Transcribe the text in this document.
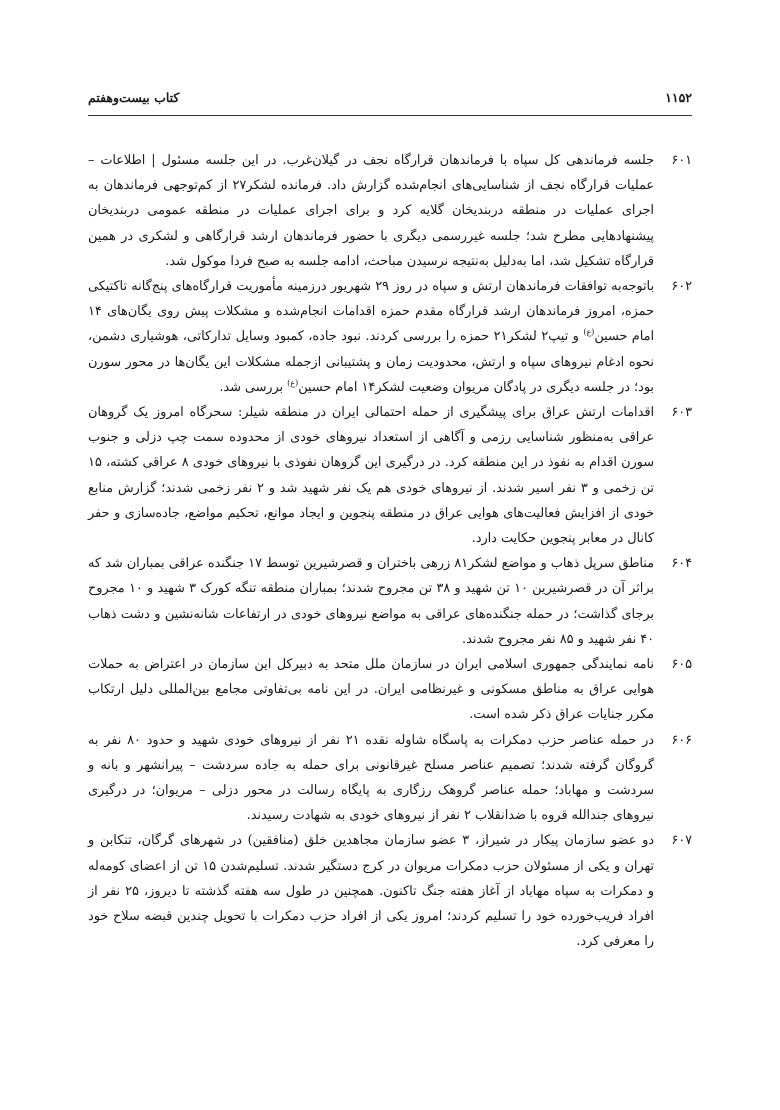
۱۱۵۲
کتاب بیست‌وهفتم
۶۰۱
جلسه فرماندهی کل سپاه با فرماندهان قرارگاه نجف در گیلان‌غرب. در این جلسه مسئول | اطلاعات – عملیات قرارگاه نجف از شناسایی‌های انجام‌شده گزارش داد. فرمانده لشکر۲۷ از کم‌توجهی فرماندهان به اجرای عملیات در منطقه دربندیخان گلایه کرد و برای اجرای عملیات در منطقه عمومی دربندیخان پیشنهادهایی مطرح شد؛ جلسه غیررسمی دیگری با حضور فرماندهان ارشد قرارگاهی و لشکری در همین قرارگاه تشکیل شد، اما به‌دلیل به‌نتیجه نرسیدن مباحث، ادامه جلسه به صبح فردا موکول شد.
۶۰۲
باتوجه‌به توافقات فرماندهان ارتش و سپاه در روز ۲۹ شهریور درزمینه مأموریت قرارگاه‌های پنج‌گانه تاکتیکی حمزه، امروز فرماندهان ارشد قرارگاه مقدم حمزه اقدامات انجام‌شده و مشکلات پیش روی یگان‌های ۱۴ امام حسین$^{(ع)}$ و تیپ۲ لشکر۲۱ حمزه را بررسی کردند. نبود جاده، کمبود وسایل تدارکاتی، هوشیاری دشمن، نحوه ادغام نیروهای سپاه و ارتش، محدودیت زمان و پشتیبانی ازجمله مشکلات این یگان‌ها در محور سورن بود؛ در جلسه دیگری در پادگان مریوان وضعیت لشکر۱۴ امام حسین$^{(ع)}$ بررسی شد.
۶۰۳
اقدامات ارتش عراق برای پیشگیری از حمله احتمالی ایران در منطقه شیلر: سحرگاه امروز یک گروهان عراقی به‌منظور شناسایی رزمی و آگاهی از استعداد نیروهای خودی از محدوده سمت چپ دزلی و جنوب سورن اقدام به نفوذ در این منطقه کرد. در درگیری این گروهان نفوذی با نیروهای خودی ۸ عراقی کشته، ۱۵ تن زخمی و ۳ نفر اسیر شدند. از نیروهای خودی هم یک نفر شهید شد و ۲ نفر زخمی شدند؛ گزارش منابع خودی از افزایش فعالیت‌های هوایی عراق در منطقه پنجوین و ایجاد موانع، تحکیم مواضع، جاده‌سازی و حفر کانال در معابر پنجوین حکایت دارد.
۶۰۴
مناطق سرپل ذهاب و مواضع لشکر۸۱ زرهی باختران و قصرشیرین توسط ۱۷ جنگنده عراقی بمباران شد که براثر آن در قصرشیرین ۱۰ تن شهید و ۳۸ تن مجروح شدند؛ بمباران منطقه تنگه کورک ۳ شهید و ۱۰ مجروح برجای گذاشت؛ در حمله جنگنده‌های عراقی به مواضع نیروهای خودی در ارتفاعات شانه‌نشین و دشت ذهاب ۴۰ نفر شهید و ۸۵ نفر مجروح شدند.
۶۰۵
نامه نمایندگی جمهوری اسلامی ایران در سازمان ملل متحد به دبیرکل این سازمان در اعتراض به حملات هوایی عراق به مناطق مسکونی و غیرنظامی ایران. در این نامه بی‌تفاوتی مجامع بین‌المللی دلیل ارتکاب مکرر جنایات عراق ذکر شده است.
۶۰۶
در حمله عناصر حزب دمکرات به پاسگاه شاوله نقده ۲۱ نفر از نیروهای خودی شهید و حدود ۸۰ نفر به گروگان گرفته شدند؛ تصمیم عناصر مسلح غیرقانونی برای حمله به جاده سردشت – پیرانشهر و بانه و سردشت و مهاباد؛ حمله عناصر گروهک رزگاری به پایگاه رسالت در محور دزلی – مریوان؛ در درگیری نیروهای جندالله قروه با ضدانقلاب ۲ نفر از نیروهای خودی به شهادت رسیدند.
۶۰۷
دو عضو سازمان پیکار در شیراز، ۳ عضو سازمان مجاهدین خلق (منافقین) در شهرهای گرگان، تنکابن و تهران و یکی از مسئولان حزب دمکرات مریوان در کرج دستگیر شدند. تسلیم‌شدن ۱۵ تن از اعضای کومه‌له و دمکرات به سپاه مهاباد از آغاز هفته جنگ تاکنون. همچنین در طول سه هفته گذشته تا دیروز، ۲۵ نفر از افراد فریب‌خورده خود را تسلیم کردند؛ امروز یکی از افراد حزب دمکرات با تحویل چندین قبضه سلاح خود را معرفی کرد.
